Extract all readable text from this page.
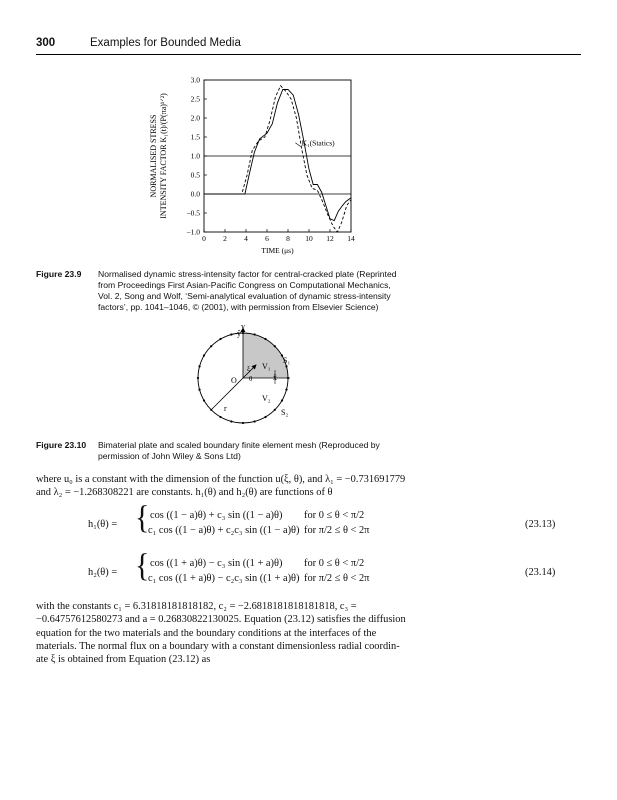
300	Examples for Bounded Media
0 2 4 6 8 10 12 14
3.0
2.5
2.0
1.5
1.0
0.5
0.0
–0.5
–1.0
K₁(Statics)
TIME (μs)
NORMALISED STRESS INTENSITY FACTOR K₁(t)/(P(πa)¹ᐟ²)
Figure 23.9 Normalised dynamic stress-intensity factor for central-cracked plate (Reprinted
from Proceedings First Asian-Pacific Congress on Computational Mechanics,
Vol. 2, Song and Wolf, ‘Semi-analytical evaluation of dynamic stress-intensity
factors’, pp. 1041–1046, © (2001), with permission from Elsevier Science)
y
ŷ
x̂
O
S₁
S₂
V₁
V₂
θ
ξ
r
Figure 23.10 Bimaterial plate and scaled boundary finite element mesh (Reproduced by
permission of John Wiley & Sons Ltd)
where u₀ is a constant with the dimension of the function u(ξ, θ), and λ₁ = −0.731691779
and λ₂ = −1.268308221 are constants. h₁(θ) and h₂(θ) are functions of θ
h₁(θ) = { cos ((1 − a)θ) + c₃ sin ((1 − a)θ)
c₁ cos ((1 − a)θ) + c₂c₃ sin ((1 − a)θ)
for 0 ≤ θ < π/2
for π/2 ≤ θ < 2π
(23.13)
h₂(θ) = { cos ((1 + a)θ) − c₃ sin ((1 + a)θ)
c₁ cos ((1 + a)θ) − c₂c₃ sin ((1 + a)θ)
for 0 ≤ θ < π/2
for π/2 ≤ θ < 2π
(23.14)
with the constants c₁ = 6.31818181818182, c₂ = −2.6818181818181818, c₃ =
−0.64757612580273 and a = 0.26830822130025. Equation (23.12) satisfies the diffusion
equation for the two materials and the boundary conditions at the interfaces of the
materials. The normal flux on a boundary with a constant dimensionless radial coordin-
ate ξ is obtained from Equation (23.12) as
